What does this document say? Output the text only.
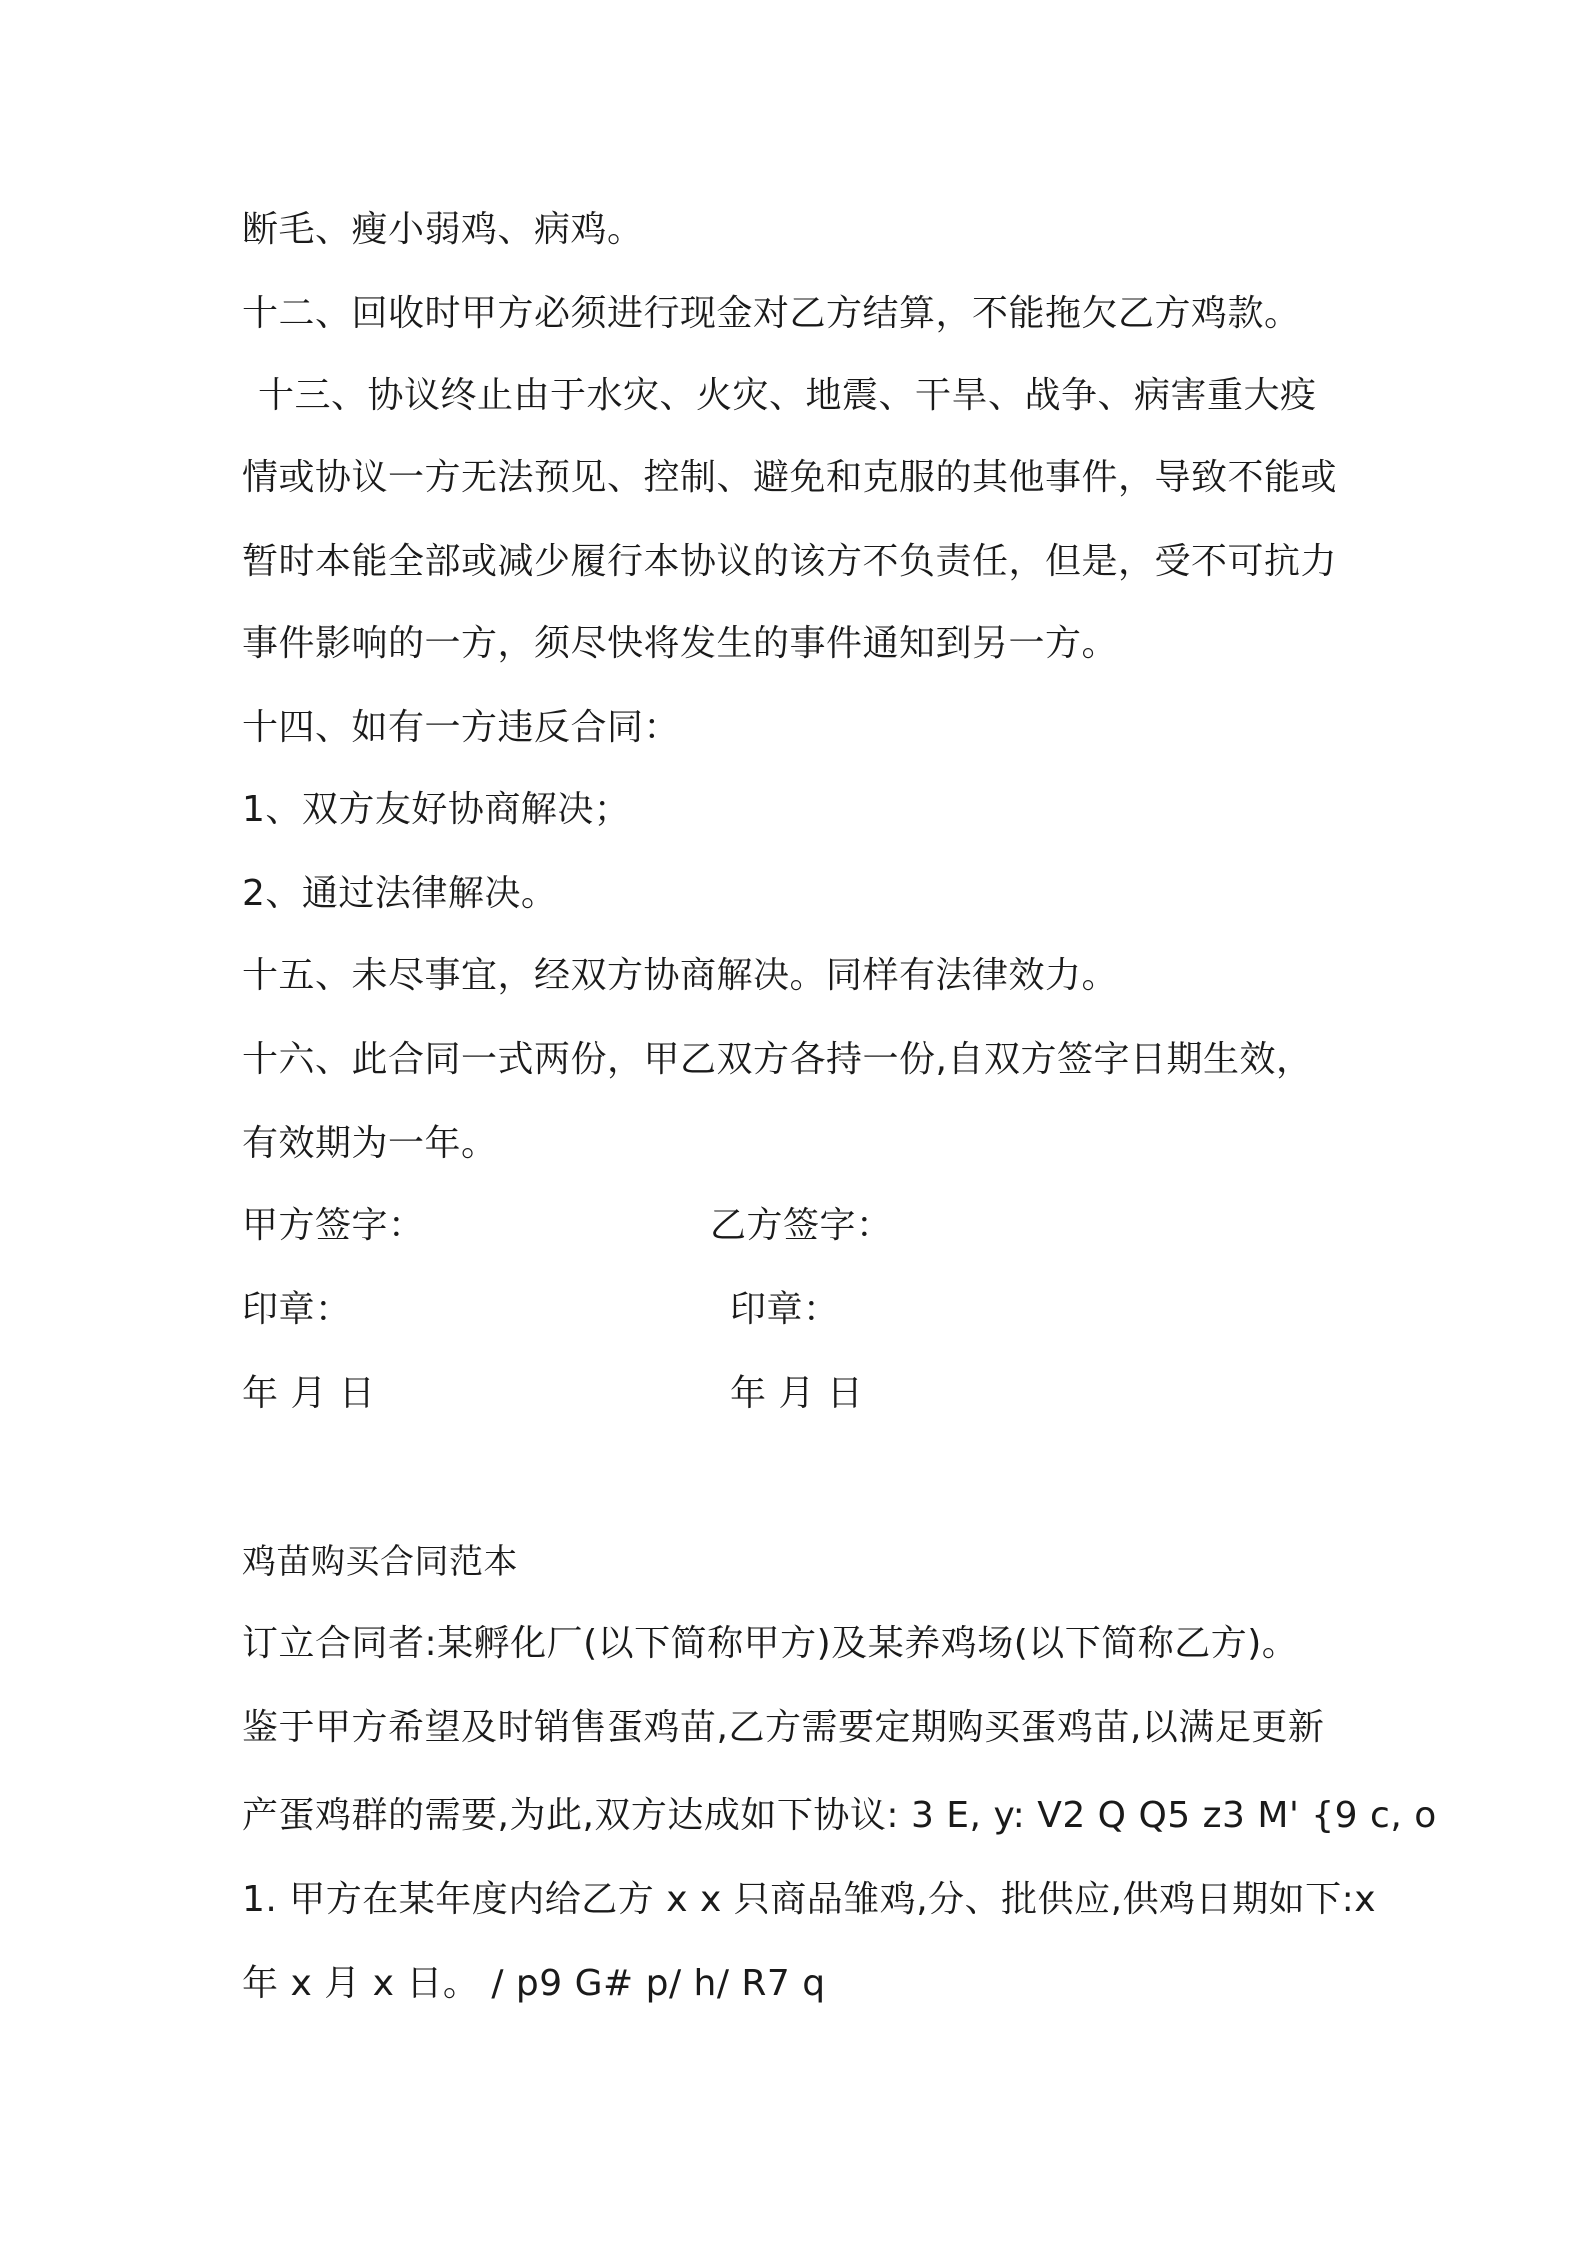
断毛、瘦小弱鸡、病鸡。
十二、回收时甲方必须进行现金对乙方结算，不能拖欠乙方鸡款。
十三、协议终止由于水灾、火灾、地震、干旱、战争、病害重大疫
情或协议一方无法预见、控制、避免和克服的其他事件，导致不能或
暂时本能全部或减少履行本协议的该方不负责任，但是，受不可抗力
事件影响的一方，须尽快将发生的事件通知到另一方。
十四、如有一方违反合同：
1、双方友好协商解决；
2、通过法律解决。
十五、未尽事宜，经双方协商解决。同样有法律效力。
十六、此合同一式两份，甲乙双方各持一份,自双方签字日期生效，
有效期为一年。
甲方签字：	乙方签字：
印章：	印章：
年 月 日	年 月 日
鸡苗购买合同范本
订立合同者:某孵化厂(以下简称甲方)及某养鸡场(以下简称乙方)。
鉴于甲方希望及时销售蛋鸡苗,乙方需要定期购买蛋鸡苗,以满足更新
产蛋鸡群的需要,为此,双方达成如下协议: 3 E, y: V2 Q Q5 z3 M' {9 c, o
1. 甲方在某年度内给乙方 x x 只商品雏鸡,分、批供应,供鸡日期如下:x
年 x 月 x 日。 / p9 G# p/ h/ R7 q
